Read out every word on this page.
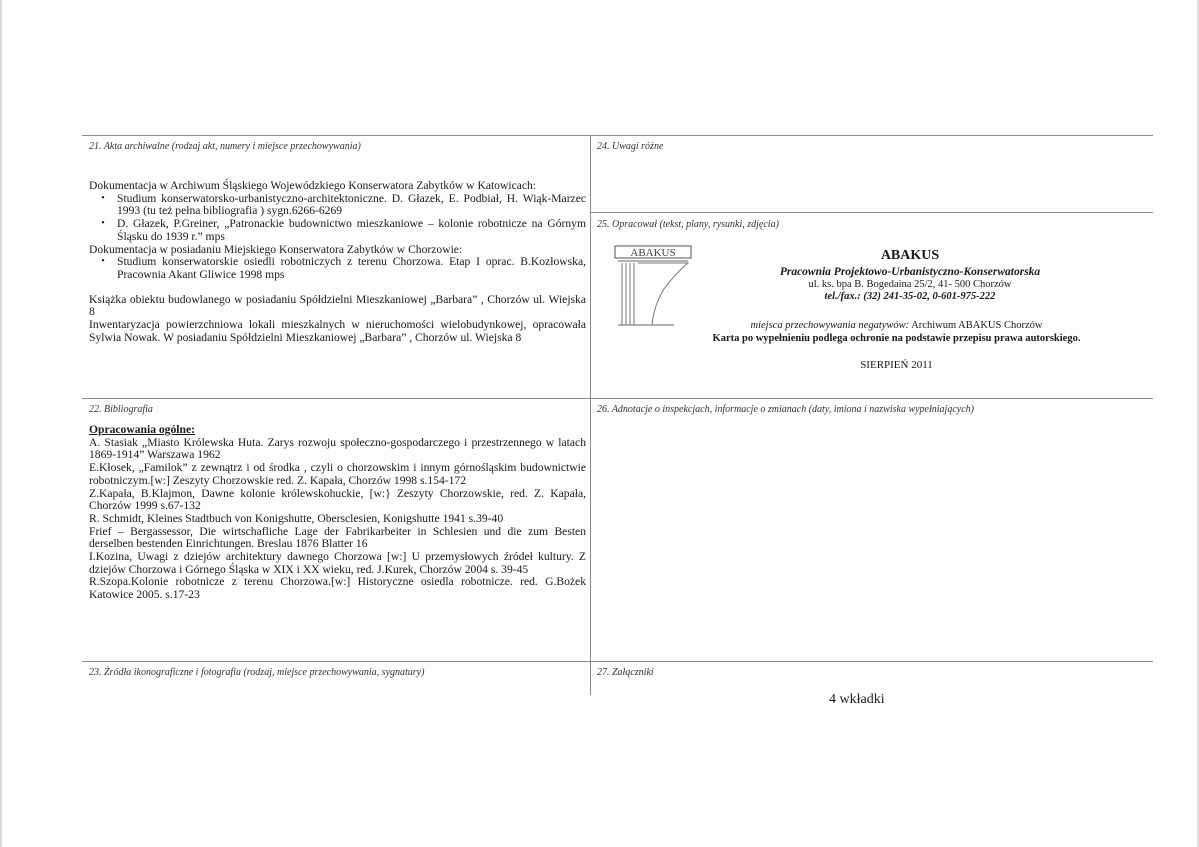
21. Akta archiwalne (rodzaj akt, numery i miejsce przechowywania)

Dokumentacja w Archiwum Śląskiego Wojewódzkiego Konserwatora Zabytków w Katowicach:

•	Studium konserwatorsko-urbanistyczno-architektoniczne. D. Głazek, E. Podbiał, H. Wiąk-Marzec 1993 (tu też pełna bibliografia ) sygn.6266-6269
•	D. Głazek, P.Greiner, „Patronackie budownictwo mieszkaniowe – kolonie robotnicze na Górnym Śląsku do 1939 r.” mps

Dokumentacja w posiadaniu Miejskiego Konserwatora Zabytków w Chorzowie:

•	Studium konserwatorskie osiedli robotniczych z terenu Chorzowa. Etap I oprac. B.Kozłowska, Pracownia Akant Gliwice 1998 mps

Książka obiektu budowlanego w posiadaniu Spółdzielni Mieszkaniowej „Barbara” , Chorzów ul. Wiejska 8

Inwentaryzacja powierzchniowa lokali mieszkalnych w nieruchomości wielobudynkowej, opracowała Sylwia Nowak. W posiadaniu Spółdzielni Mieszkaniowej „Barbara” , Chorzów ul. Wiejska 8

22. Bibliografia

Opracowania ogólne:

A. Stasiak „Miasto Królewska Huta. Zarys rozwoju społeczno-gospodarczego i przestrzennego w latach 1869-1914” Warszawa 1962

E.Kłosek, „Familok” z zewnątrz i od środka , czyli o chorzowskim i innym górnośląskim budownictwie robotniczym.[w:] Zeszyty Chorzowskie red. Z. Kapała, Chorzów 1998 s.154-172

Z.Kapała, B.Klajmon, Dawne kolonie królewskohuckie, [w:} Zeszyty Chorzowskie, red. Z. Kapała, Chorzów 1999 s.67-132

R. Schmidt, Kleines Stadtbuch von Konigshutte, Obersclesien, Konigshutte 1941 s.39-40

Frief – Bergassessor, Die wirtschafliche Lage der Fabrikarbeiter in Schlesien und die zum Besten derselben bestenden Einrichtungen. Breslau 1876 Blatter 16

I.Kozina, Uwagi z dziejów architektury dawnego Chorzowa [w:] U przemysłowych źródeł kultury. Z dziejów Chorzowa i Górnego Śląska w XIX i XX wieku, red. J.Kurek, Chorzów 2004 s. 39-45

R.Szopa.Kolonie robotnicze z terenu Chorzowa.[w:] Historyczne osiedla robotnicze. red. G.Bożek Katowice 2005. s.17-23

23. Źródła ikonograficzne i fotografia (rodzaj, miejsce przechowywania, sygnatury)
24. Uwagi różne
25. Opracował (tekst, plany, rysunki, zdjęcia)
ABAKUS	ABAKUS

Pracownia Projektowo-Urbanistyczno-Konserwatorska
ul. ks. bpa B. Bogedaina 25/2, 41- 500 Chorzów
tel./fax.: (32) 241-35-02, 0-601-975-222
miejsca przechowywania negatywów: Archiwum ABAKUS Chorzów
Karta po wypełnieniu podlega ochronie na podstawie przepisu prawa autorskiego.
SIERPIEŃ 2011
26. Adnotacje o inspekcjach, informacje o zmianach (daty, imiona i nazwiska wypełniających)
27. Załączniki
4 wkładki
